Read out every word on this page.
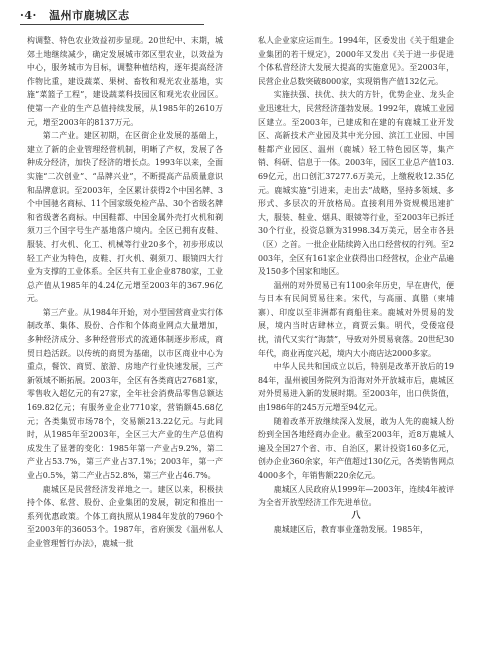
·4· 温州市鹿城区志

构调整、特色农业效益初步显现。20世纪中、末期，城郊土地继续减少，确定发展城市郊区型农业，以效益为中心，服务城市为目标，调整种植结构，逐年提高经济作物比重，建设蔬菜、果树、畜牧和观光农业基地，实施“菜篮子工程”，建设蔬菜科技园区和观光农业园区。使第一产业的生产总值持续发展，从1985年的2610万元，增至2003年的8137万元。

第二产业。建区初期，在区街企业发展的基础上，建立了新的企业管理经营机制，明晰了产权，发展了各种成分经济，加快了经济的增长点。1993年以来，全面实施“二次创业”、“品牌兴业”，不断提高产品质量意识和品牌意识。至2003年，全区累计获得2个中国名牌、3个中国驰名商标、11个国家级免检产品、30个省级名牌和省级著名商标。中国鞋都、中国金属外壳打火机和剃须刀三个国字号生产基地落户境内。全区已拥有皮鞋、服装、打火机、化工、机械等行业20多个，初步形成以轻工产业为特色，皮鞋、打火机、剃须刀、眼镜四大行业为支撑的工业体系。全区共有工业企业8780家，工业总产值从1985年的4.24亿元增至2003年的367.96亿元。

第三产业。从1984年开始，对小型国营商业实行体制改革、集体、股份、合作和个体商业网点大量增加，多种经济成分、多种经营形式的流通体制逐步形成，商贸日趋活跃。以传统的商贸为基础，以市区商业中心为重点，餐饮、商贸、旅游、房地产行业快速发展，三产新领域不断拓展。2003年，全区有各类商店27681家，零售收入超亿元的有27家，全年社会消费品零售总额达169.82亿元；有服务业企业7710家，营销额45.68亿元；各类集贸市场78个，交易额213.22亿元。与此同时，从1985年至2003年，全区三大产业的生产总值构成发生了显著的变化：1985年第一产业占9.2%，第二产业占53.7%，第三产业占37.1%；2003年，第一产业占0.5%，第二产业占52.8%，第三产业占46.7%。

鹿城区是民营经济发祥地之一。建区以来，积极扶持个体、私营、股份、企业集团的发展，制定和推出一系列优惠政策。个体工商执照从1984年发放的7960个至2003年的36053个。1987年，省府颁发《温州私人企业管理暂行办法》，鹿城一批

私人企业家应运而生。1994年，区委发出《关于组建企业集团的若干规定》，2000年又发出《关于进一步促进个体私营经济大发展大提高的实施意见》。至2003年，民营企业总数突破8000家，实现销售产值132亿元。

实施扶强、扶优、扶大的方针，优势企业、龙头企业迅速壮大，民营经济蓬勃发展。1992年，鹿城工业园区建立。至2003年，已建成和在建的有鹿城工业开发区、高新技术产业园及其中光分园、滨江工业园、中国鞋都产业园区、温州（鹿城）轻工特色园区等，集产销、科研、信息于一体。2003年，园区工业总产值103.69亿元，出口创汇37277.6万美元，上缴税收12.35亿元。鹿城实施“引进来，走出去”战略，坚持多领域、多形式、多层次的开放格局。直接利用外资规模迅速扩大，服装、鞋业、烟具、眼镜等行业，至2003年已拆迁30个行业，投资总额为31998.34万美元，居全市各县（区）之首。一批企业陆续跨入出口经营权的行列。至2003年，全区有161家企业获得出口经营权，企业产品遍及150多个国家和地区。

温州的对外贸易已有1100余年历史，早在唐代，便与日本有民间贸易往来。宋代，与高丽、真腊（柬埔寨）、印度以至非洲都有商船往来。鹿城对外贸易的发展，境内当时店肆林立，商贾云集。明代，受倭寇侵扰，清代又实行“海禁”，导致对外贸易衰落。20世纪30年代，商业再度兴起，境内大小商店达2000多家。

中华人民共和国成立以后，特别是改革开放后的1984年，温州被国务院列为沿海对外开放城市后，鹿城区对外贸易进入新的发展时期。至2003年，出口供货值，由1986年的245万元增至94亿元。

随着改革开放继续深入发展，敢为人先的鹿城人纷纷到全国各地经商办企业。截至2003年，近8万鹿城人遍及全国27个省、市、自治区，累计投资160多亿元，创办企业360余家，年产值超过130亿元，各类销售网点4000多个，年销售额220余亿元。

鹿城区人民政府从1999年—2003年，连续4年被评为全省开放型经济工作先进单位。

八

鹿城建区后，教育事业蓬勃发展。1985年，
